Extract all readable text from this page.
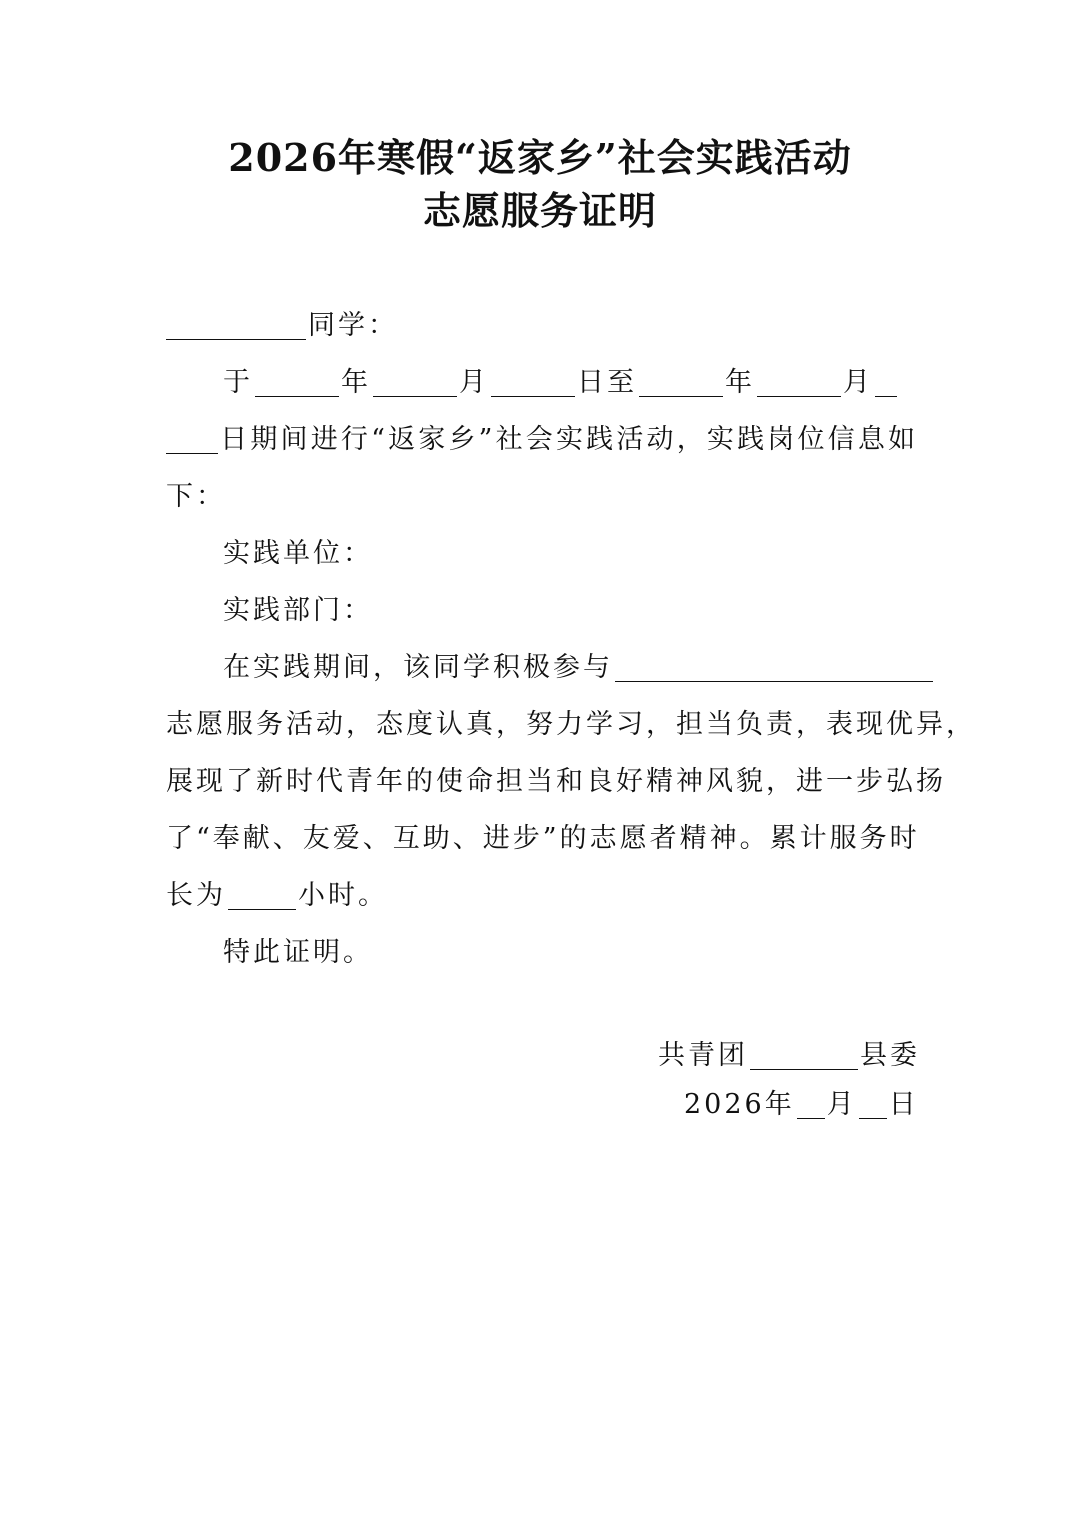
2026年寒假“返家乡”社会实践活动
志愿服务证明
同学：
于	年	月	日至	年	月
日期间进行“返家乡”社会实践活动，实践岗位信息如
下：
实践单位：
实践部门：
在实践期间，该同学积极参与
志愿服务活动，态度认真，努力学习，担当负责，表现优异，
展现了新时代青年的使命担当和良好精神风貌，进一步弘扬
了“奉献、友爱、互助、进步”的志愿者精神。累计服务时
长为	小时。
特此证明。
共青团	县委
2026年 月 日
